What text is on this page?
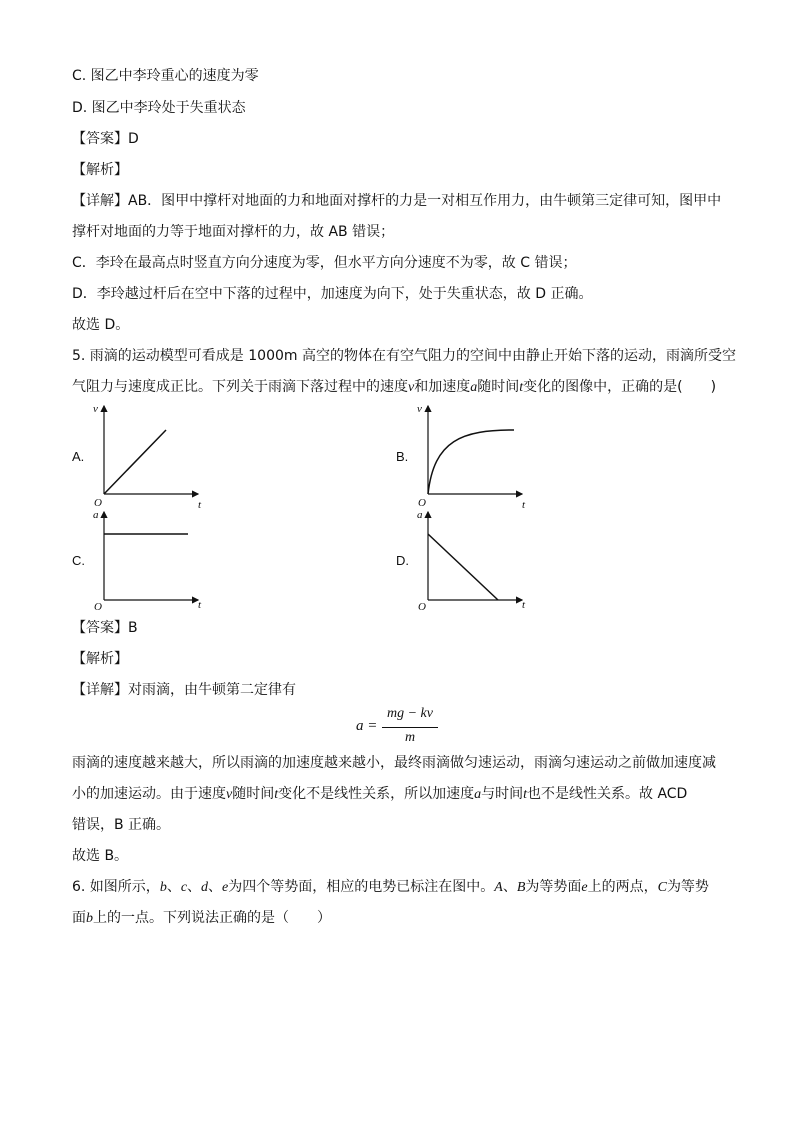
C. 图乙中李玲重心的速度为零
D. 图乙中李玲处于失重状态
【答案】D
【解析】
【详解】AB．图甲中撑杆对地面的力和地面对撑杆的力是一对相互作用力，由牛顿第三定律可知，图甲中
撑杆对地面的力等于地面对撑杆的力，故 AB 错误；
C．李玲在最高点时竖直方向分速度为零，但水平方向分速度不为零，故 C 错误；
D．李玲越过杆后在空中下落的过程中，加速度为向下，处于失重状态，故 D 正确。
故选 D。
5. 雨滴的运动模型可看成是 1000m 高空的物体在有空气阻力的空间中由静止开始下落的运动，雨滴所受空
气阻力与速度成正比。下列关于雨滴下落过程中的速度v和加速度a随时间t变化的图像中，正确的是(　　)
A.
v
t
O
B.
v
t
O
C.
a
t
O
D.
a
t
O
【答案】B
【解析】
【详解】对雨滴，由牛顿第二定律有
a =
mg − kv
m
雨滴的速度越来越大，所以雨滴的加速度越来越小，最终雨滴做匀速运动，雨滴匀速运动之前做加速度减
小的加速运动。由于速度v随时间t变化不是线性关系，所以加速度a与时间t也不是线性关系。故 ACD
错误，B 正确。
故选 B。
6. 如图所示，b、c、d、e为四个等势面，相应的电势已标注在图中。A、B为等势面e上的两点，C为等势
面b上的一点。下列说法正确的是（　　）
